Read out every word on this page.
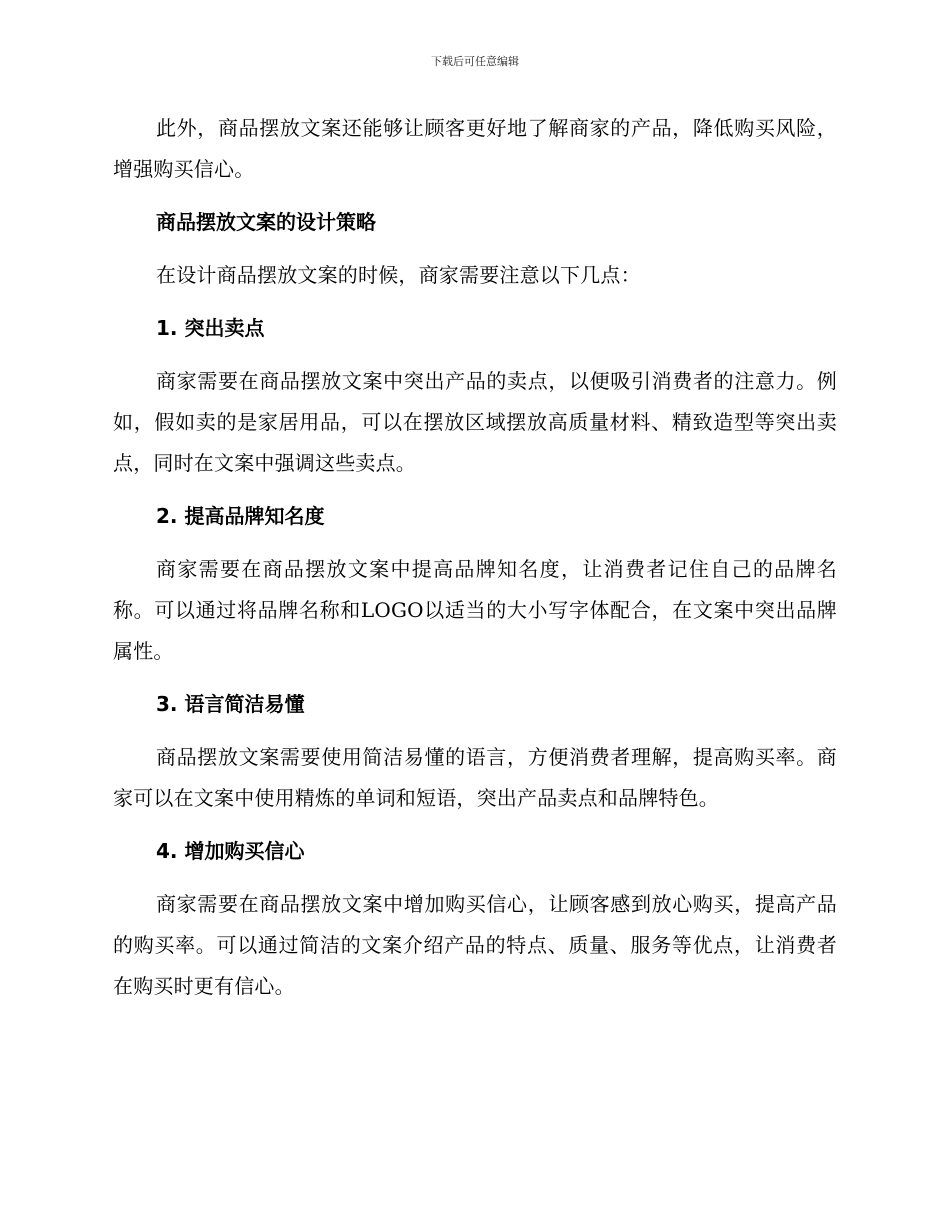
下载后可任意编辑

此外，商品摆放文案还能够让顾客更好地了解商家的产品，降低购买风险，增强购买信心。

商品摆放文案的设计策略

在设计商品摆放文案的时候，商家需要注意以下几点：

1. 突出卖点

商家需要在商品摆放文案中突出产品的卖点，以便吸引消费者的注意力。例如，假如卖的是家居用品，可以在摆放区域摆放高质量材料、精致造型等突出卖点，同时在文案中强调这些卖点。

2. 提高品牌知名度

商家需要在商品摆放文案中提高品牌知名度，让消费者记住自己的品牌名称。可以通过将品牌名称和LOGO以适当的大小写字体配合，在文案中突出品牌属性。

3. 语言简洁易懂

商品摆放文案需要使用简洁易懂的语言，方便消费者理解，提高购买率。商家可以在文案中使用精炼的单词和短语，突出产品卖点和品牌特色。

4. 增加购买信心

商家需要在商品摆放文案中增加购买信心，让顾客感到放心购买，提高产品的购买率。可以通过简洁的文案介绍产品的特点、质量、服务等优点，让消费者在购买时更有信心。
